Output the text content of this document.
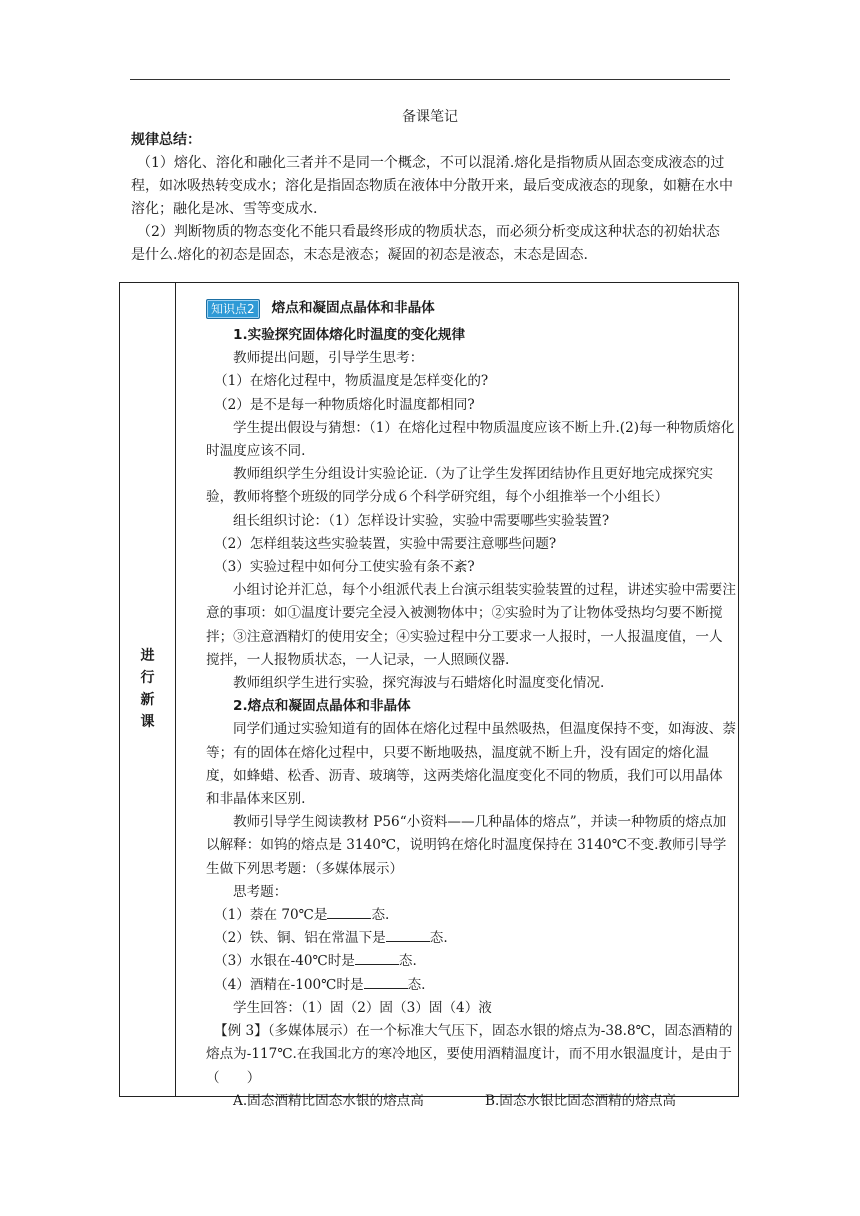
备课笔记

规律总结：

（1）熔化、溶化和融化三者并不是同一个概念，不可以混淆.熔化是指物质从固态变成液态的过程，如冰吸热转变成水；溶化是指固态物质在液体中分散开来，最后变成液态的现象，如糖在水中溶化；融化是冰、雪等变成水.

（2）判断物质的物态变化不能只看最终形成的物质状态，而必须分析变成这种状态的初始状态是什么.熔化的初态是固态，末态是液态；凝固的初态是液态，末态是固态.

进
行
新
课
知识点2	熔点和凝固点晶体和非晶体

1.实验探究固体熔化时温度的变化规律

教师提出问题，引导学生思考：

（1）在熔化过程中，物质温度是怎样变化的?

（2）是不是每一种物质熔化时温度都相同?

学生提出假设与猜想：（1）在熔化过程中物质温度应该不断上升.(2)每一种物质熔化时温度应该不同.

教师组织学生分组设计实验论证.（为了让学生发挥团结协作且更好地完成探究实验，教师将整个班级的同学分成６个科学研究组，每个小组推举一个小组长）

组长组织讨论：（1）怎样设计实验，实验中需要哪些实验装置?

（2）怎样组装这些实验装置，实验中需要注意哪些问题?

（3）实验过程中如何分工使实验有条不紊?

小组讨论并汇总，每个小组派代表上台演示组装实验装置的过程，讲述实验中需要注意的事项：如①温度计要完全浸入被测物体中；②实验时为了让物体受热均匀要不断搅拌；③注意酒精灯的使用安全；④实验过程中分工要求一人报时，一人报温度值，一人搅拌，一人报物质状态，一人记录，一人照顾仪器.

教师组织学生进行实验，探究海波与石蜡熔化时温度变化情况.

2.熔点和凝固点晶体和非晶体

同学们通过实验知道有的固体在熔化过程中虽然吸热，但温度保持不变，如海波、萘等；有的固体在熔化过程中，只要不断地吸热，温度就不断上升，没有固定的熔化温度，如蜂蜡、松香、沥青、玻璃等，这两类熔化温度变化不同的物质，我们可以用晶体和非晶体来区别.

教师引导学生阅读教材 P56“小资料——几种晶体的熔点”，并读一种物质的熔点加以解释：如钨的熔点是 3140℃，说明钨在熔化时温度保持在 3140℃不变.教师引导学生做下列思考题：（多媒体展示）

思考题：

（1）萘在 70℃是	态.

（2）铁、铜、铝在常温下是	态.

（3）水银在-40℃时是	态.

（4）酒精在-100℃时是	态.

学生回答：（1）固（2）固（3）固（4）液

【例 3】（多媒体展示）在一个标准大气压下，固态水银的熔点为-38.8℃，固态酒精的熔点为-117℃.在我国北方的寒冷地区，要使用酒精温度计，而不用水银温度计，是由于（　　）

A.固态酒精比固态水银的熔点高	B.固态水银比固态酒精的熔点高
